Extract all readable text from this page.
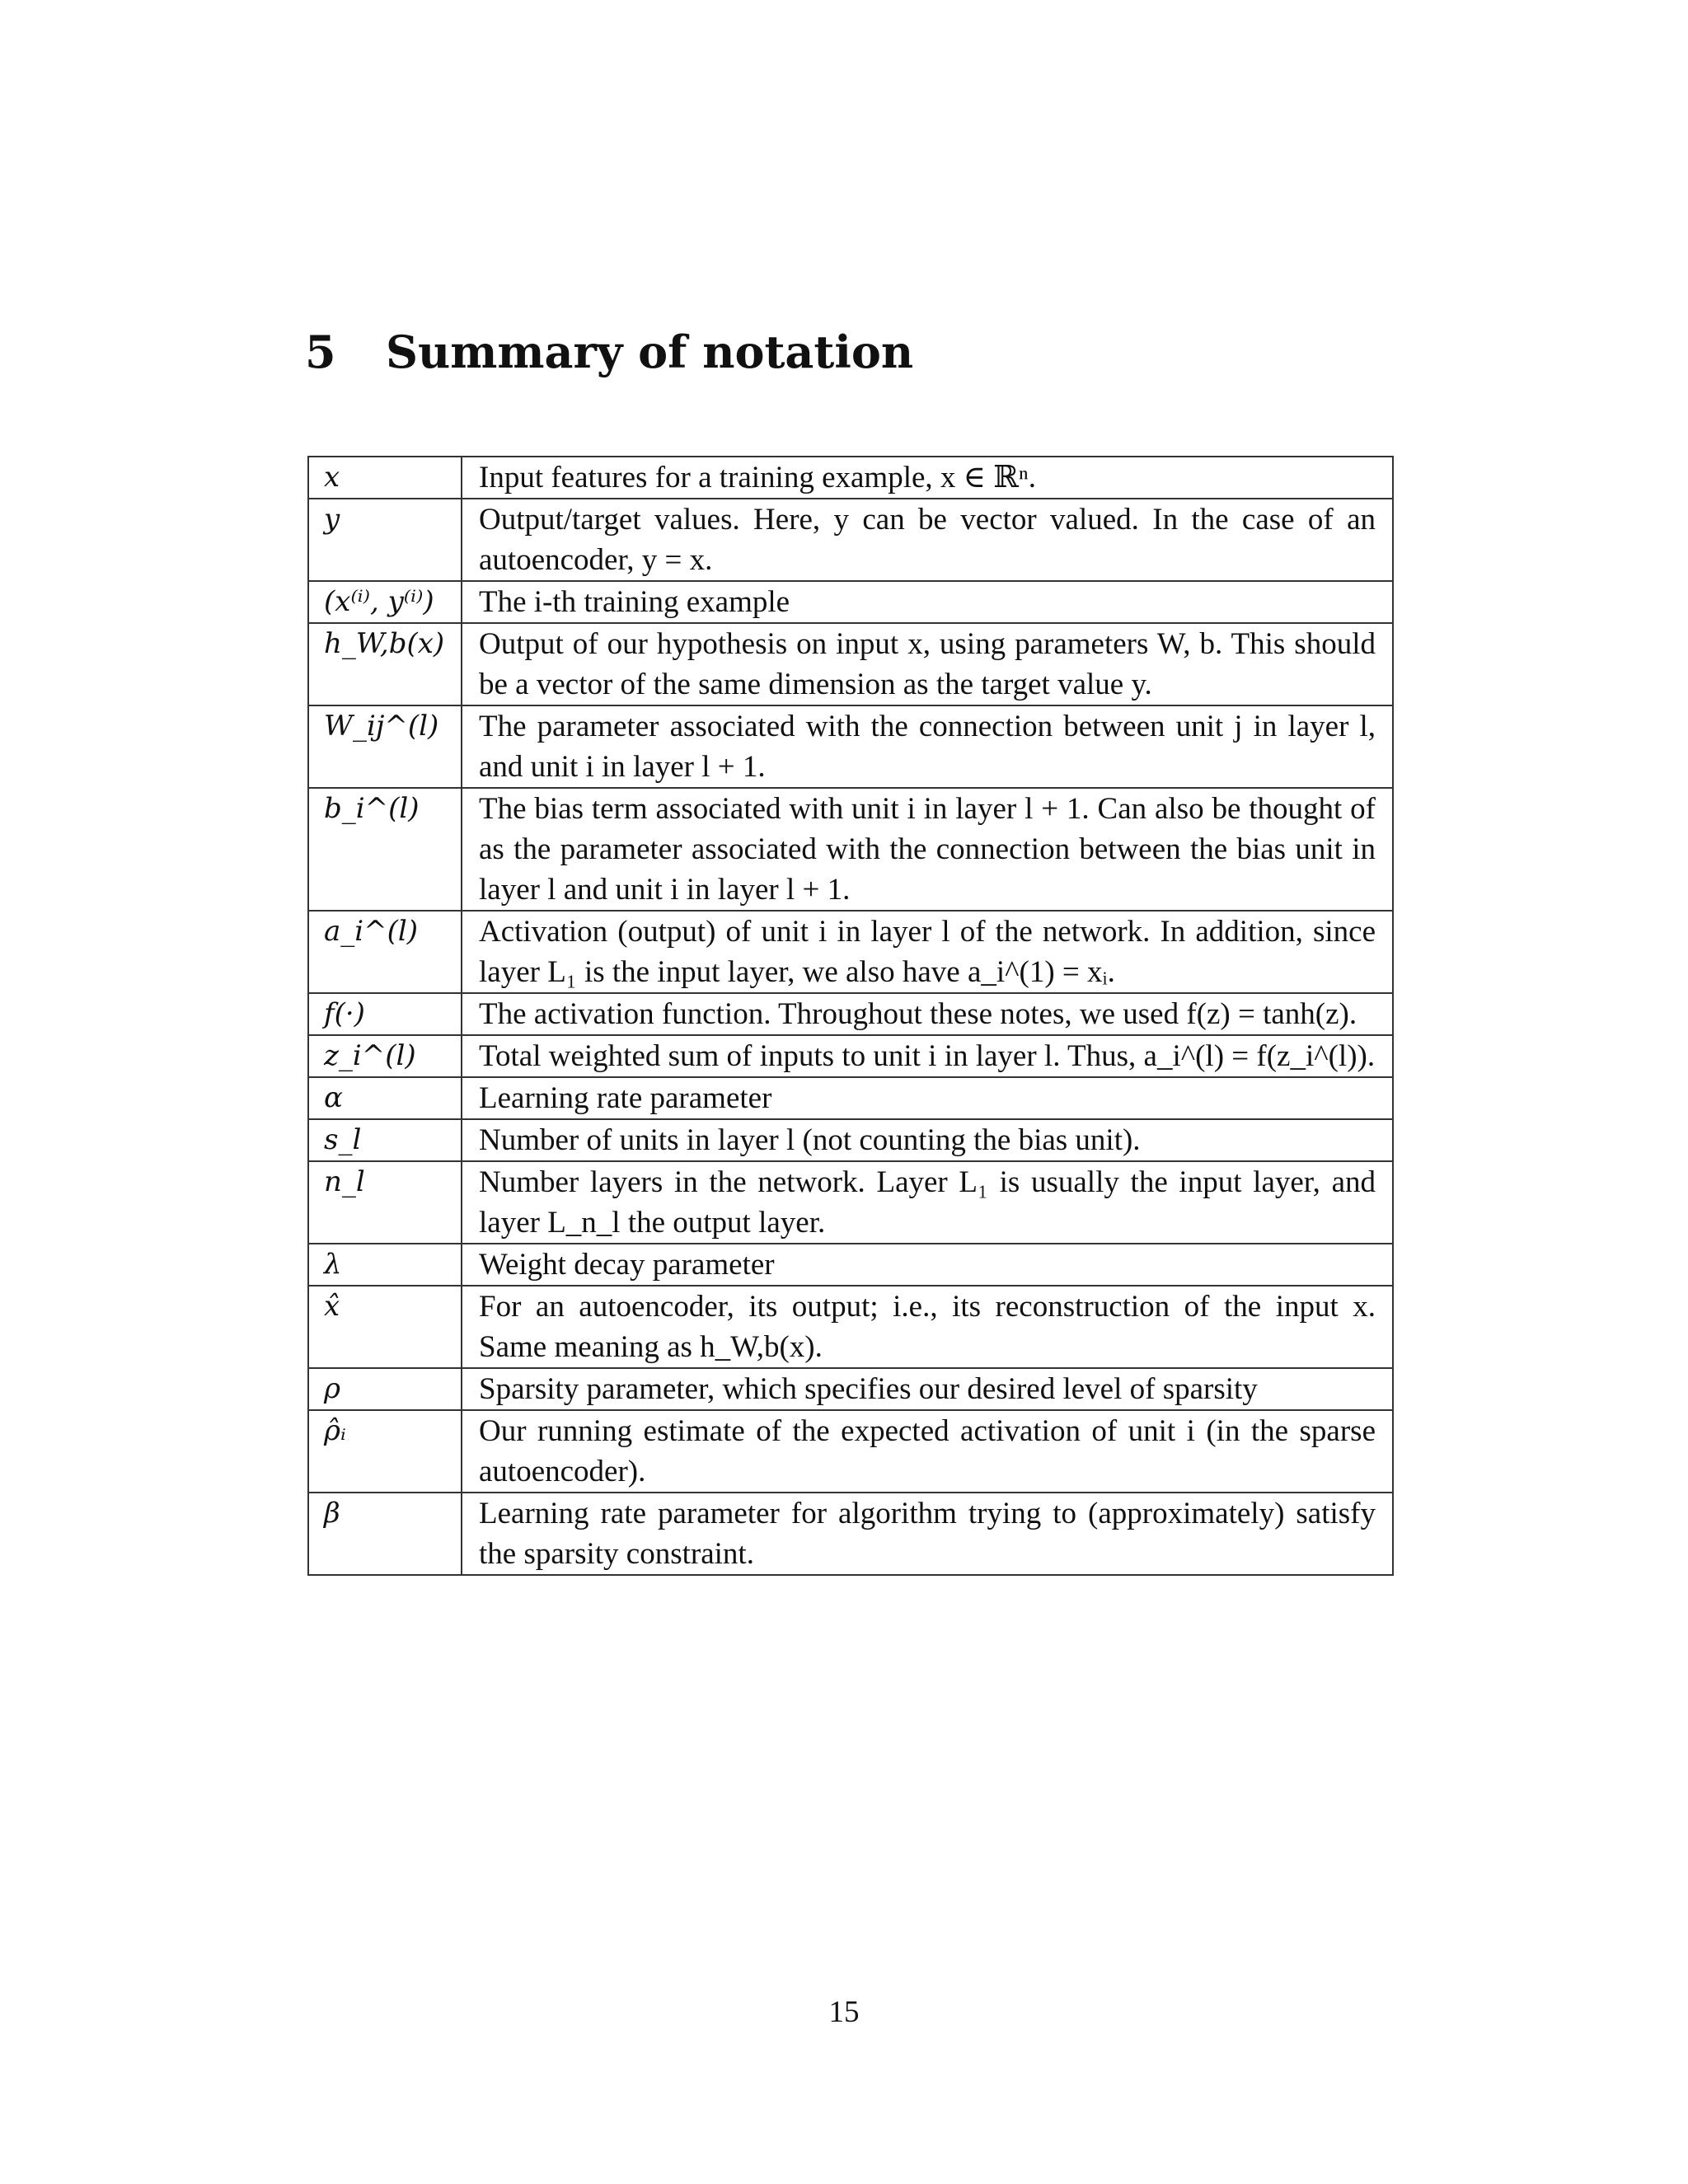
5 Summary of notation
x	Input features for a training example, x ∈ ℝⁿ.
y	Output/target values. Here, y can be vector valued. In the case of an autoencoder, y = x.
(x⁽ⁱ⁾, y⁽ⁱ⁾)	The i-th training example
h_W,b(x)	Output of our hypothesis on input x, using parameters W, b. This should be a vector of the same dimension as the target value y.
W_ij^(l)	The parameter associated with the connection between unit j in layer l, and unit i in layer l + 1.
b_i^(l)	The bias term associated with unit i in layer l + 1. Can also be thought of as the parameter associated with the connection between the bias unit in layer l and unit i in layer l + 1.
a_i^(l)	Activation (output) of unit i in layer l of the network. In addition, since layer L₁ is the input layer, we also have a_i^(1) = xᵢ.
f(·)	The activation function. Throughout these notes, we used f(z) = tanh(z).
z_i^(l)	Total weighted sum of inputs to unit i in layer l. Thus, a_i^(l) = f(z_i^(l)).
α	Learning rate parameter
s_l	Number of units in layer l (not counting the bias unit).
n_l	Number layers in the network. Layer L₁ is usually the input layer, and layer L_n_l the output layer.
λ	Weight decay parameter
x̂	For an autoencoder, its output; i.e., its reconstruction of the input x. Same meaning as h_W,b(x).
ρ	Sparsity parameter, which specifies our desired level of sparsity
ρ̂ᵢ	Our running estimate of the expected activation of unit i (in the sparse autoencoder).
β	Learning rate parameter for algorithm trying to (approximately) satisfy the sparsity constraint.
15
